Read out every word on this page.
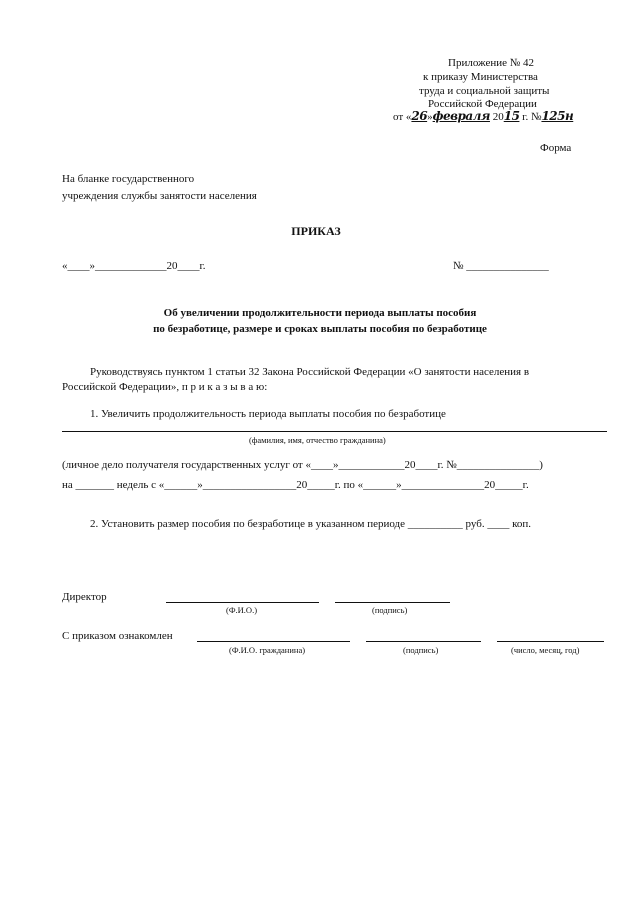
Приложение № 42
к приказу Министерства
труда и социальной защиты
Российской Федерации
от «26»февраля 2015 г. №125н
Форма
На бланке государственного
учреждения службы занятости населения
ПРИКАЗ
«____»_____________20____г.	№ _______________
Об увеличении продолжительности периода выплаты пособия
по безработице, размере и сроках выплаты пособия по безработице
Руководствуясь пунктом 1 статьи 32 Закона Российской Федерации «О занятости населения в
Российской Федерации», п р и к а з ы в а ю:
1. Увеличить продолжительность периода выплаты пособия по безработице
(фамилия, имя, отчество гражданина)
(личное дело получателя государственных услуг от «____»____________20____г. №_______________)
на _______ недель с «______»_________________20_____г. по «______»_______________20_____г.
2. Установить размер пособия по безработице в указанном периоде __________ руб. ____ коп.
Директор
(Ф.И.О.)	(подпись)
С приказом ознакомлен
(Ф.И.О. гражданина)	(подпись)	(число, месяц, год)
